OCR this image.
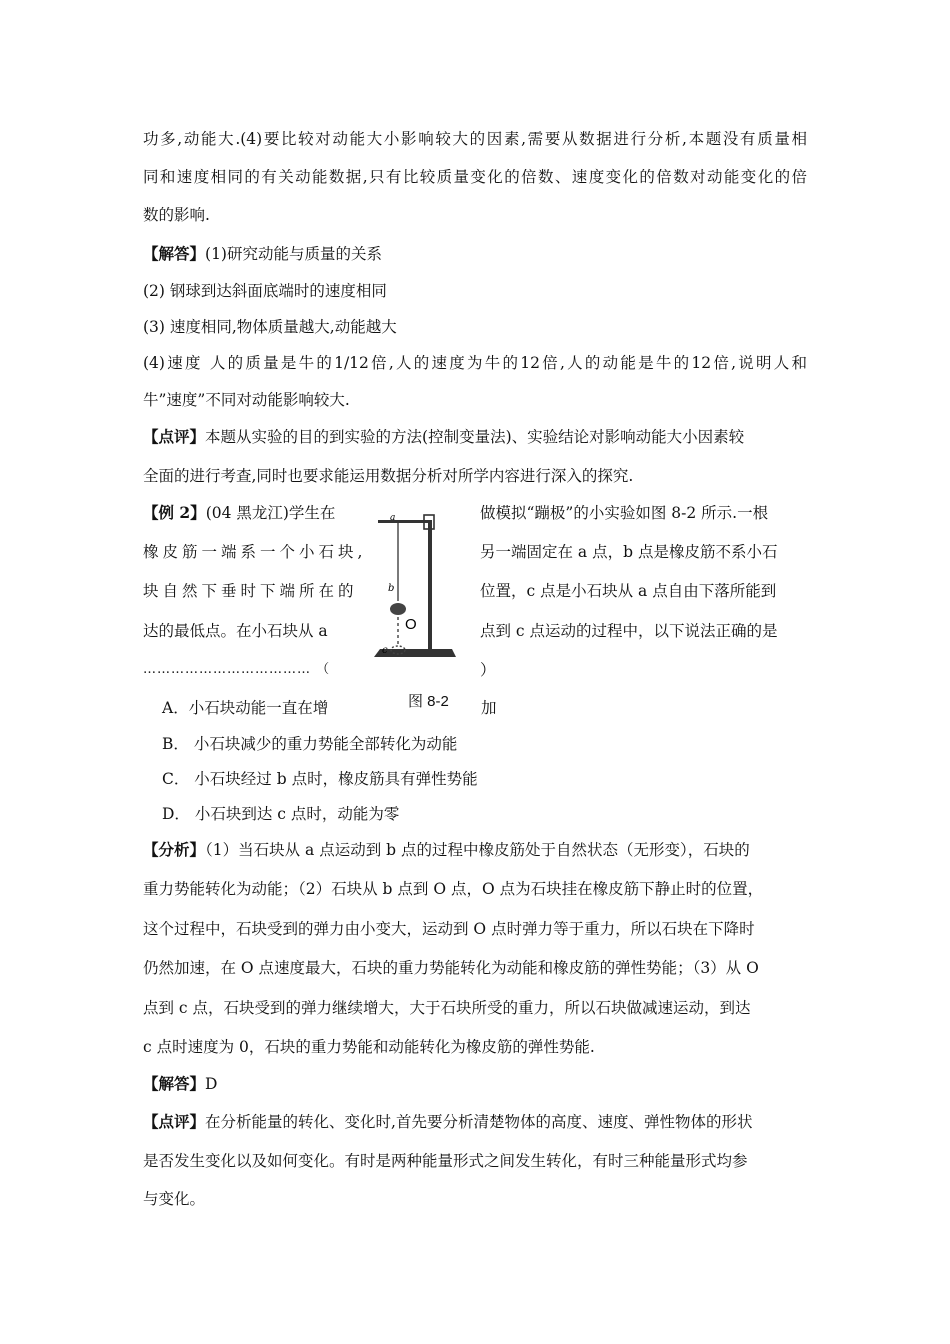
功多,动能大.(4)要比较对动能大小影响较大的因素,需要从数据进行分析,本题没有质量相
同和速度相同的有关动能数据,只有比较质量变化的倍数、速度变化的倍数对动能变化的倍
数的影响.
【解答】(1)研究动能与质量的关系
(2) 钢球到达斜面底端时的速度相同
(3) 速度相同,物体质量越大,动能越大
(4)速度 人的质量是牛的1/12倍,人的速度为牛的12倍,人的动能是牛的12倍,说明人和
牛”速度”不同对动能影响较大.
【点评】本题从实验的目的到实验的方法(控制变量法)、实验结论对影响动能大小因素较
全面的进行考查,同时也要求能运用数据分析对所学内容进行深入的探究.
【例 2】(04 黑龙江)学生在
橡皮筋一端系一个小石块,
块自然下垂时下端所在的
达的最低点。在小石块从 a
……………………………… （
做模拟“蹦极”的小实验如图 8-2 所示.一根
另一端固定在 a 点，b 点是橡皮筋不系小石
位置，c 点是小石块从 a 点自由下落所能到
点到 c 点运动的过程中，以下说法正确的是
）
a
b
O
c
图 8-2
A．小石块动能一直在增	加
B． 小石块减少的重力势能全部转化为动能
C． 小石块经过 b 点时，橡皮筋具有弹性势能
D． 小石块到达 c 点时，动能为零
【分析】（1）当石块从 a 点运动到 b 点的过程中橡皮筋处于自然状态（无形变），石块的
重力势能转化为动能；（2）石块从 b 点到 O 点，O 点为石块挂在橡皮筋下静止时的位置，
这个过程中，石块受到的弹力由小变大，运动到 O 点时弹力等于重力，所以石块在下降时
仍然加速，在 O 点速度最大，石块的重力势能转化为动能和橡皮筋的弹性势能；（3）从 O
点到 c 点，石块受到的弹力继续增大，大于石块所受的重力，所以石块做减速运动，到达
c 点时速度为 0，石块的重力势能和动能转化为橡皮筋的弹性势能.
【解答】D
【点评】在分析能量的转化、变化时,首先要分析清楚物体的高度、速度、弹性物体的形状
是否发生变化以及如何变化。有时是两种能量形式之间发生转化，有时三种能量形式均参
与变化。
